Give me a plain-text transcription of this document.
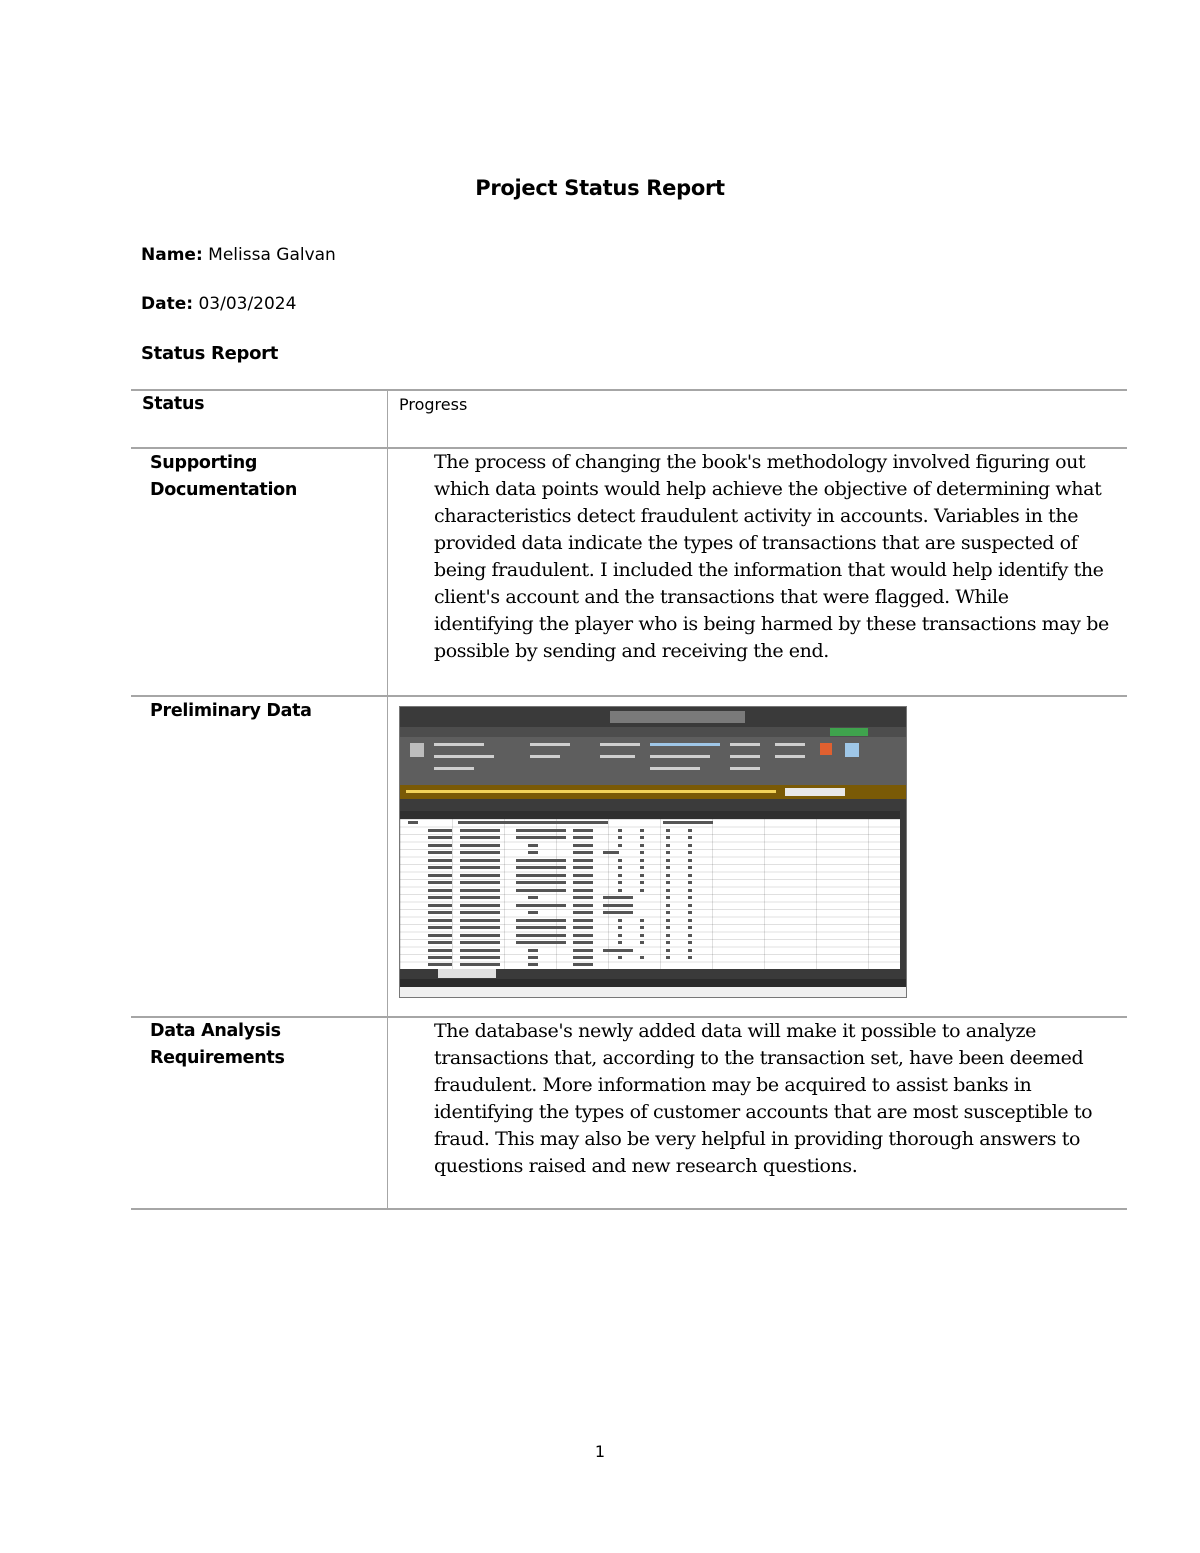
Project Status Report
Name: Melissa Galvan
Date: 03/03/2024
Status Report
Status	Progress
Supporting
Documentation
The process of changing the book's methodology involved figuring out
which data points would help achieve the objective of determining what
characteristics detect fraudulent activity in accounts. Variables in the
provided data indicate the types of transactions that are suspected of
being fraudulent. I included the information that would help identify the
client's account and the transactions that were flagged. While
identifying the player who is being harmed by these transactions may be
possible by sending and receiving the end.
Preliminary Data
Data Analysis
Requirements
The database's newly added data will make it possible to analyze
transactions that, according to the transaction set, have been deemed
fraudulent. More information may be acquired to assist banks in
identifying the types of customer accounts that are most susceptible to
fraud. This may also be very helpful in providing thorough answers to
questions raised and new research questions.
1
